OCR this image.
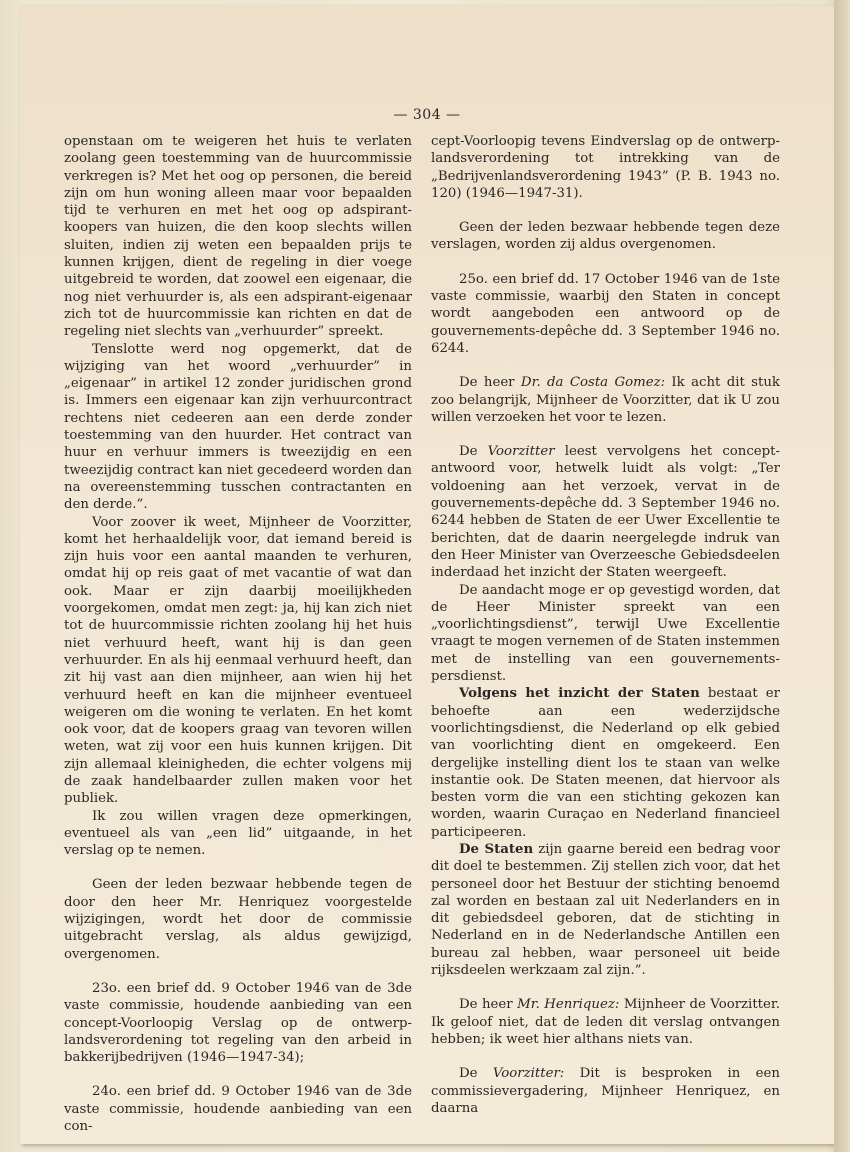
— 304 —

openstaan om te weigeren het huis te verlaten zoolang geen toestemming van de huurcommissie verkregen is? Met het oog op personen, die bereid zijn om hun woning alleen maar voor bepaalden tijd te verhuren en met het oog op adspirant-koopers van huizen, die den koop slechts willen sluiten, indien zij weten een bepaalden prijs te kunnen krijgen, dient de regeling in dier voege uitgebreid te worden, dat zoowel een eigenaar, die nog niet verhuurder is, als een adspirant-eigenaar zich tot de huurcommissie kan richten en dat de regeling niet slechts van „verhuurder” spreekt.

Tenslotte werd nog opgemerkt, dat de wijziging van het woord „verhuurder” in „eigenaar” in artikel 12 zonder juridischen grond is. Immers een eigenaar kan zijn verhuurcontract rechtens niet cedeeren aan een derde zonder toestemming van den huurder. Het contract van huur en verhuur immers is tweezijdig en een tweezijdig contract kan niet gecedeerd worden dan na overeenstemming tusschen contractanten en den derde.”.

Voor zoover ik weet, Mijnheer de Voorzitter, komt het herhaaldelijk voor, dat iemand bereid is zijn huis voor een aantal maanden te verhuren, omdat hij op reis gaat of met vacantie of wat dan ook. Maar er zijn daarbij moeilijkheden voorgekomen, omdat men zegt: ja, hij kan zich niet tot de huurcommissie richten zoolang hij het huis niet verhuurd heeft, want hij is dan geen verhuurder. En als hij eenmaal verhuurd heeft, dan zit hij vast aan dien mijnheer, aan wien hij het verhuurd heeft en kan die mijnheer eventueel weigeren om die woning te verlaten. En het komt ook voor, dat de koopers graag van tevoren willen weten, wat zij voor een huis kunnen krijgen. Dit zijn allemaal kleinigheden, die echter volgens mij de zaak handelbaarder zullen maken voor het publiek.

Ik zou willen vragen deze opmerkingen, eventueel als van „een lid” uitgaande, in het verslag op te nemen.

Geen der leden bezwaar hebbende tegen de door den heer Mr. Henriquez voorgestelde wijzigingen, wordt het door de commissie uitgebracht verslag, als aldus gewijzigd, overgenomen.

23o. een brief dd. 9 October 1946 van de 3de vaste commissie, houdende aanbieding van een concept-Voorloopig Verslag op de ontwerp-landsverordening tot regeling van den arbeid in bakkerijbedrijven (1946—1947-34);

24o. een brief dd. 9 October 1946 van de 3de vaste commissie, houdende aanbieding van een con-

cept-Voorloopig tevens Eindverslag op de ontwerp-landsverordening tot intrekking van de „Bedrijvenlandsverordening 1943” (P. B. 1943 no. 120) (1946—1947-31).

Geen der leden bezwaar hebbende tegen deze verslagen, worden zij aldus overgenomen.

25o. een brief dd. 17 October 1946 van de 1ste vaste commissie, waarbij den Staten in concept wordt aangeboden een antwoord op de gouvernements-depêche dd. 3 September 1946 no. 6244.

De heer Dr. da Costa Gomez: Ik acht dit stuk zoo belangrijk, Mijnheer de Voorzitter, dat ik U zou willen verzoeken het voor te lezen.

De Voorzitter leest vervolgens het concept-antwoord voor, hetwelk luidt als volgt: „Ter voldoening aan het verzoek, vervat in de gouvernements-depêche dd. 3 September 1946 no. 6244 hebben de Staten de eer Uwer Excellentie te berichten, dat de daarin neergelegde indruk van den Heer Minister van Overzeesche Gebiedsdeelen inderdaad het inzicht der Staten weergeeft.

De aandacht moge er op gevestigd worden, dat de Heer Minister spreekt van een „voorlichtingsdienst”, terwijl Uwe Excellentie vraagt te mogen vernemen of de Staten instemmen met de instelling van een gouvernements-persdienst.

Volgens het inzicht der Staten bestaat er behoefte aan een wederzijdsche voorlichtingsdienst, die Nederland op elk gebied van voorlichting dient en omgekeerd. Een dergelijke instelling dient los te staan van welke instantie ook. De Staten meenen, dat hiervoor als besten vorm die van een stichting gekozen kan worden, waarin Curaçao en Nederland financieel participeeren.

De Staten zijn gaarne bereid een bedrag voor dit doel te bestemmen. Zij stellen zich voor, dat het personeel door het Bestuur der stichting benoemd zal worden en bestaan zal uit Nederlanders en in dit gebiedsdeel geboren, dat de stichting in Nederland en in de Nederlandsche Antillen een bureau zal hebben, waar personeel uit beide rijksdeelen werkzaam zal zijn.”.

De heer Mr. Henriquez: Mijnheer de Voorzitter. Ik geloof niet, dat de leden dit verslag ontvangen hebben; ik weet hier althans niets van.

De Voorzitter: Dit is besproken in een commissievergadering, Mijnheer Henriquez, en daarna
